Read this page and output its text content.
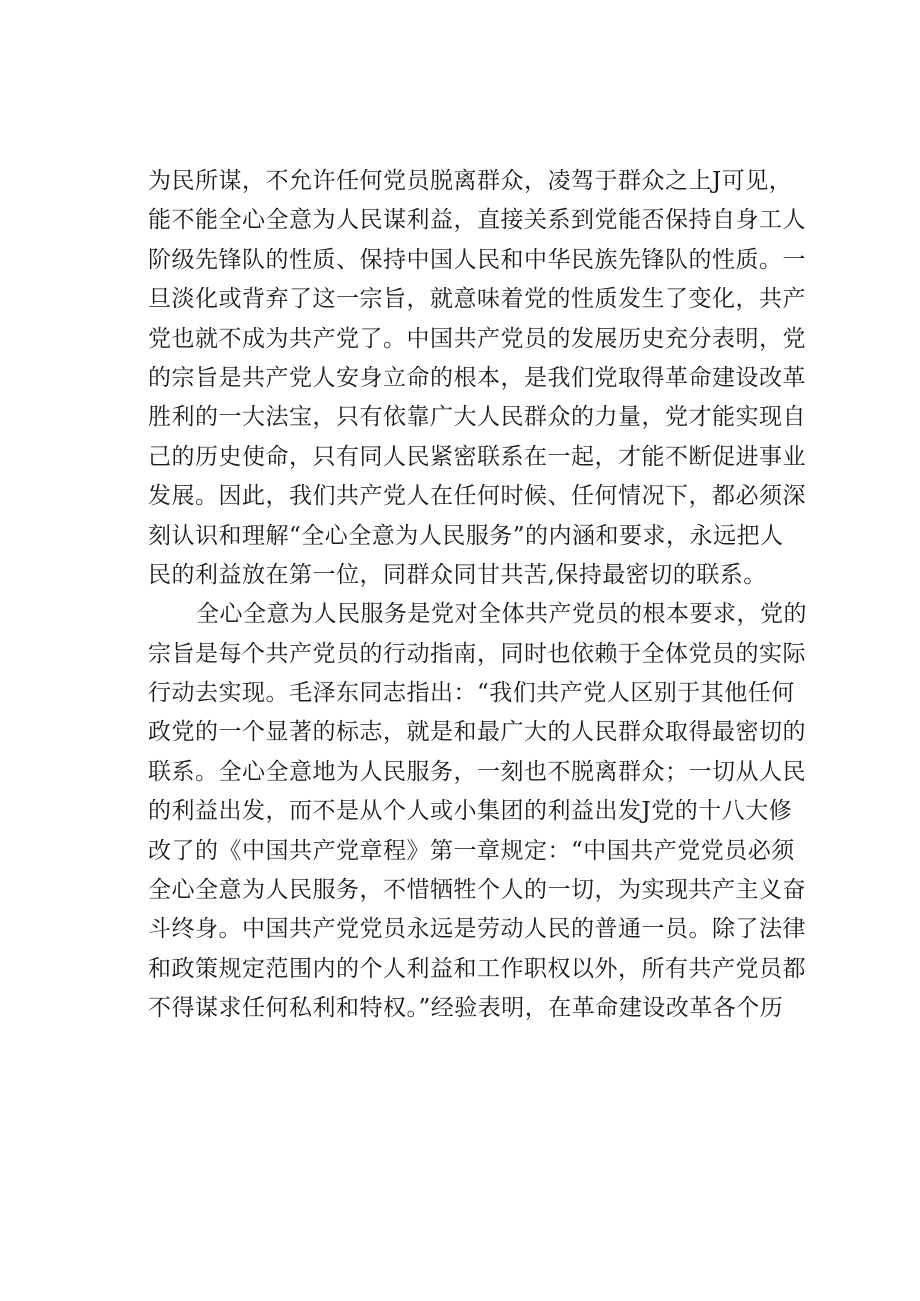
为民所谋，不允许任何党员脱离群众，凌驾于群众之上J可见，
能不能全心全意为人民谋利益，直接关系到党能否保持自身工人
阶级先锋队的性质、保持中国人民和中华民族先锋队的性质。一
旦淡化或背弃了这一宗旨，就意味着党的性质发生了变化，共产
党也就不成为共产党了。中国共产党员的发展历史充分表明，党
的宗旨是共产党人安身立命的根本，是我们党取得革命建设改革
胜利的一大法宝，只有依靠广大人民群众的力量，党才能实现自
己的历史使命，只有同人民紧密联系在一起，才能不断促进事业
发展。因此，我们共产党人在任何时候、任何情况下，都必须深
刻认识和理解“全心全意为人民服务”的内涵和要求，永远把人
民的利益放在第一位，同群众同甘共苦,保持最密切的联系。
全心全意为人民服务是党对全体共产党员的根本要求，党的
宗旨是每个共产党员的行动指南，同时也依赖于全体党员的实际
行动去实现。毛泽东同志指出：“我们共产党人区别于其他任何
政党的一个显著的标志，就是和最广大的人民群众取得最密切的
联系。全心全意地为人民服务，一刻也不脱离群众；一切从人民
的利益出发，而不是从个人或小集团的利益出发J党的十八大修
改了的《中国共产党章程》第一章规定：“中国共产党党员必须
全心全意为人民服务，不惜牺牲个人的一切，为实现共产主义奋
斗终身。中国共产党党员永远是劳动人民的普通一员。除了法律
和政策规定范围内的个人利益和工作职权以外，所有共产党员都
不得谋求任何私利和特权。”经验表明，在革命建设改革各个历
